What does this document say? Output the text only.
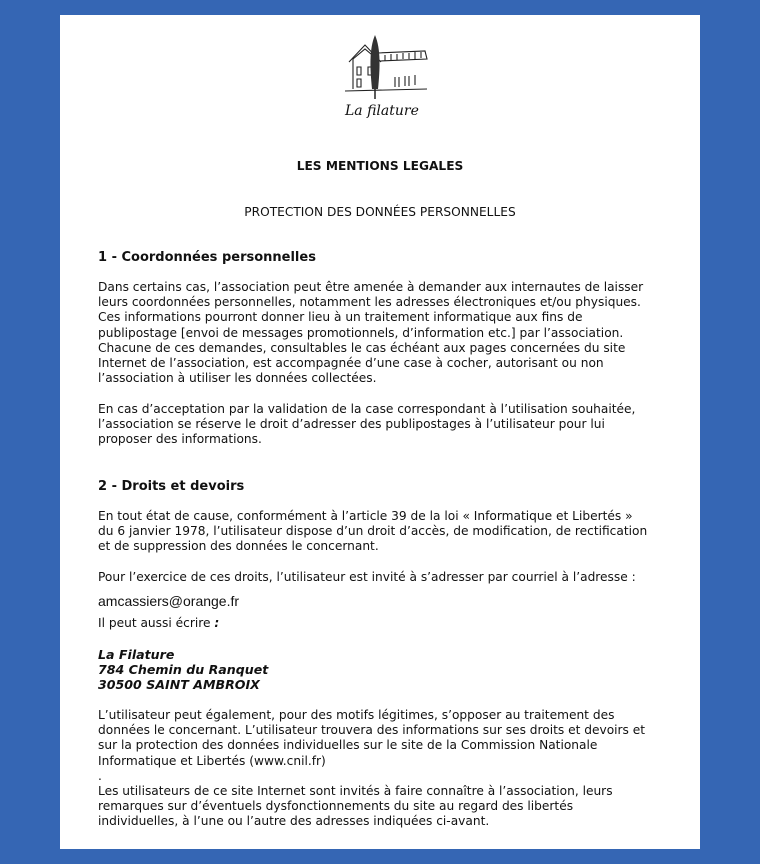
La filature
LES MENTIONS LEGALES
PROTECTION DES DONNÉES PERSONNELLES
1 - Coordonnées personnelles
Dans certains cas, l’association peut être amenée à demander aux internautes de laisser
leurs coordonnées personnelles, notamment les adresses électroniques et/ou physiques.
Ces informations pourront donner lieu à un traitement informatique aux fins de
publipostage [envoi de messages promotionnels, d’information etc.] par l’association.
Chacune de ces demandes, consultables le cas échéant aux pages concernées du site
Internet de l’association, est accompagnée d’une case à cocher, autorisant ou non
l’association à utiliser les données collectées.
En cas d’acceptation par la validation de la case correspondant à l’utilisation souhaitée,
l’association se réserve le droit d’adresser des publipostages à l’utilisateur pour lui
proposer des informations.
2 - Droits et devoirs
En tout état de cause, conformément à l’article 39 de la loi « Informatique et Libertés »
du 6 janvier 1978, l’utilisateur dispose d’un droit d’accès, de modification, de rectification
et de suppression des données le concernant.
Pour l’exercice de ces droits, l’utilisateur est invité à s’adresser par courriel à l’adresse :
amcassiers@orange.fr
Il peut aussi écrire :
La Filature
784 Chemin du Ranquet
30500 SAINT AMBROIX
L’utilisateur peut également, pour des motifs légitimes, s’opposer au traitement des
données le concernant. L’utilisateur trouvera des informations sur ses droits et devoirs et
sur la protection des données individuelles sur le site de la Commission Nationale
Informatique et Libertés (www.cnil.fr)
.
Les utilisateurs de ce site Internet sont invités à faire connaître à l’association, leurs
remarques sur d’éventuels dysfonctionnements du site au regard des libertés
individuelles, à l’une ou l’autre des adresses indiquées ci-avant.
